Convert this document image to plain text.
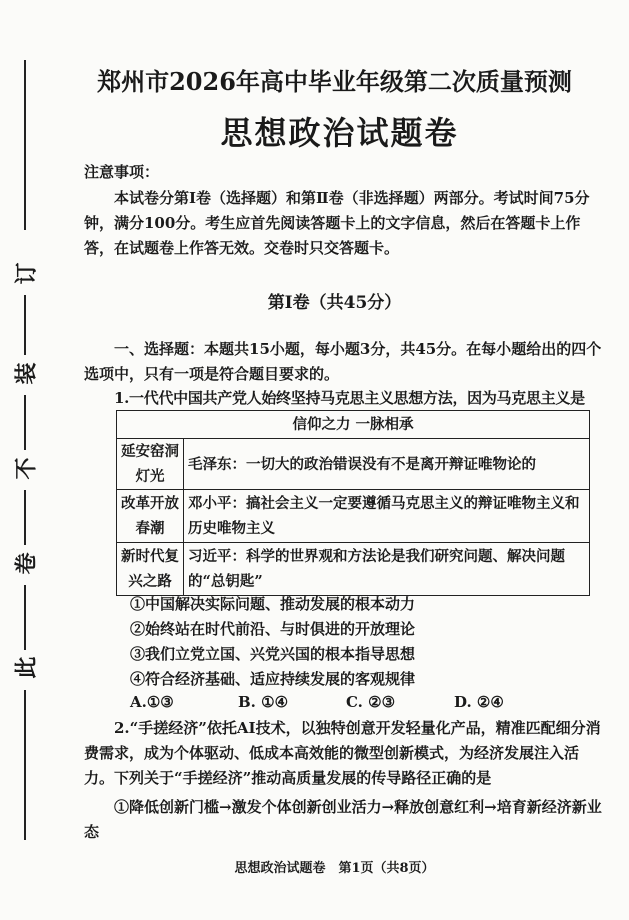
订
装
不
卷
此
郑州市2026年高中毕业年级第二次质量预测
思想政治试题卷
注意事项：
本试卷分第Ⅰ卷（选择题）和第Ⅱ卷（非选择题）两部分。考试时间75分钟，满分100分。考生应首先阅读答题卡上的文字信息，然后在答题卡上作答，在试题卷上作答无效。交卷时只交答题卡。
第Ⅰ卷（共45分）
一、选择题：本题共15小题，每小题3分，共45分。在每小题给出的四个选项中，只有一项是符合题目要求的。
1.一代代中国共产党人始终坚持马克思主义思想方法，因为马克思主义是
信仰之力 一脉相承	
延安窑洞灯光	毛泽东：一切大的政治错误没有不是离开辩证唯物论的
改革开放春潮	邓小平：搞社会主义一定要遵循马克思主义的辩证唯物主义和历史唯物主义
新时代复兴之路	习近平：科学的世界观和方法论是我们研究问题、解决问题的“总钥匙”
①中国解决实际问题、推动发展的根本动力
②始终站在时代前沿、与时俱进的开放理论
③我们立党立国、兴党兴国的根本指导思想
④符合经济基础、适应持续发展的客观规律
A.①③	B. ①④	C. ②③	D. ②④
2.“手搓经济”依托AI技术，以独特创意开发轻量化产品，精准匹配细分消费需求，成为个体驱动、低成本高效能的微型创新模式，为经济发展注入活力。下列关于“手搓经济”推动高质量发展的传导路径正确的是
①降低创新门槛→激发个体创新创业活力→释放创意红利→培育新经济新业态
思想政治试题卷　第1页（共8页）
